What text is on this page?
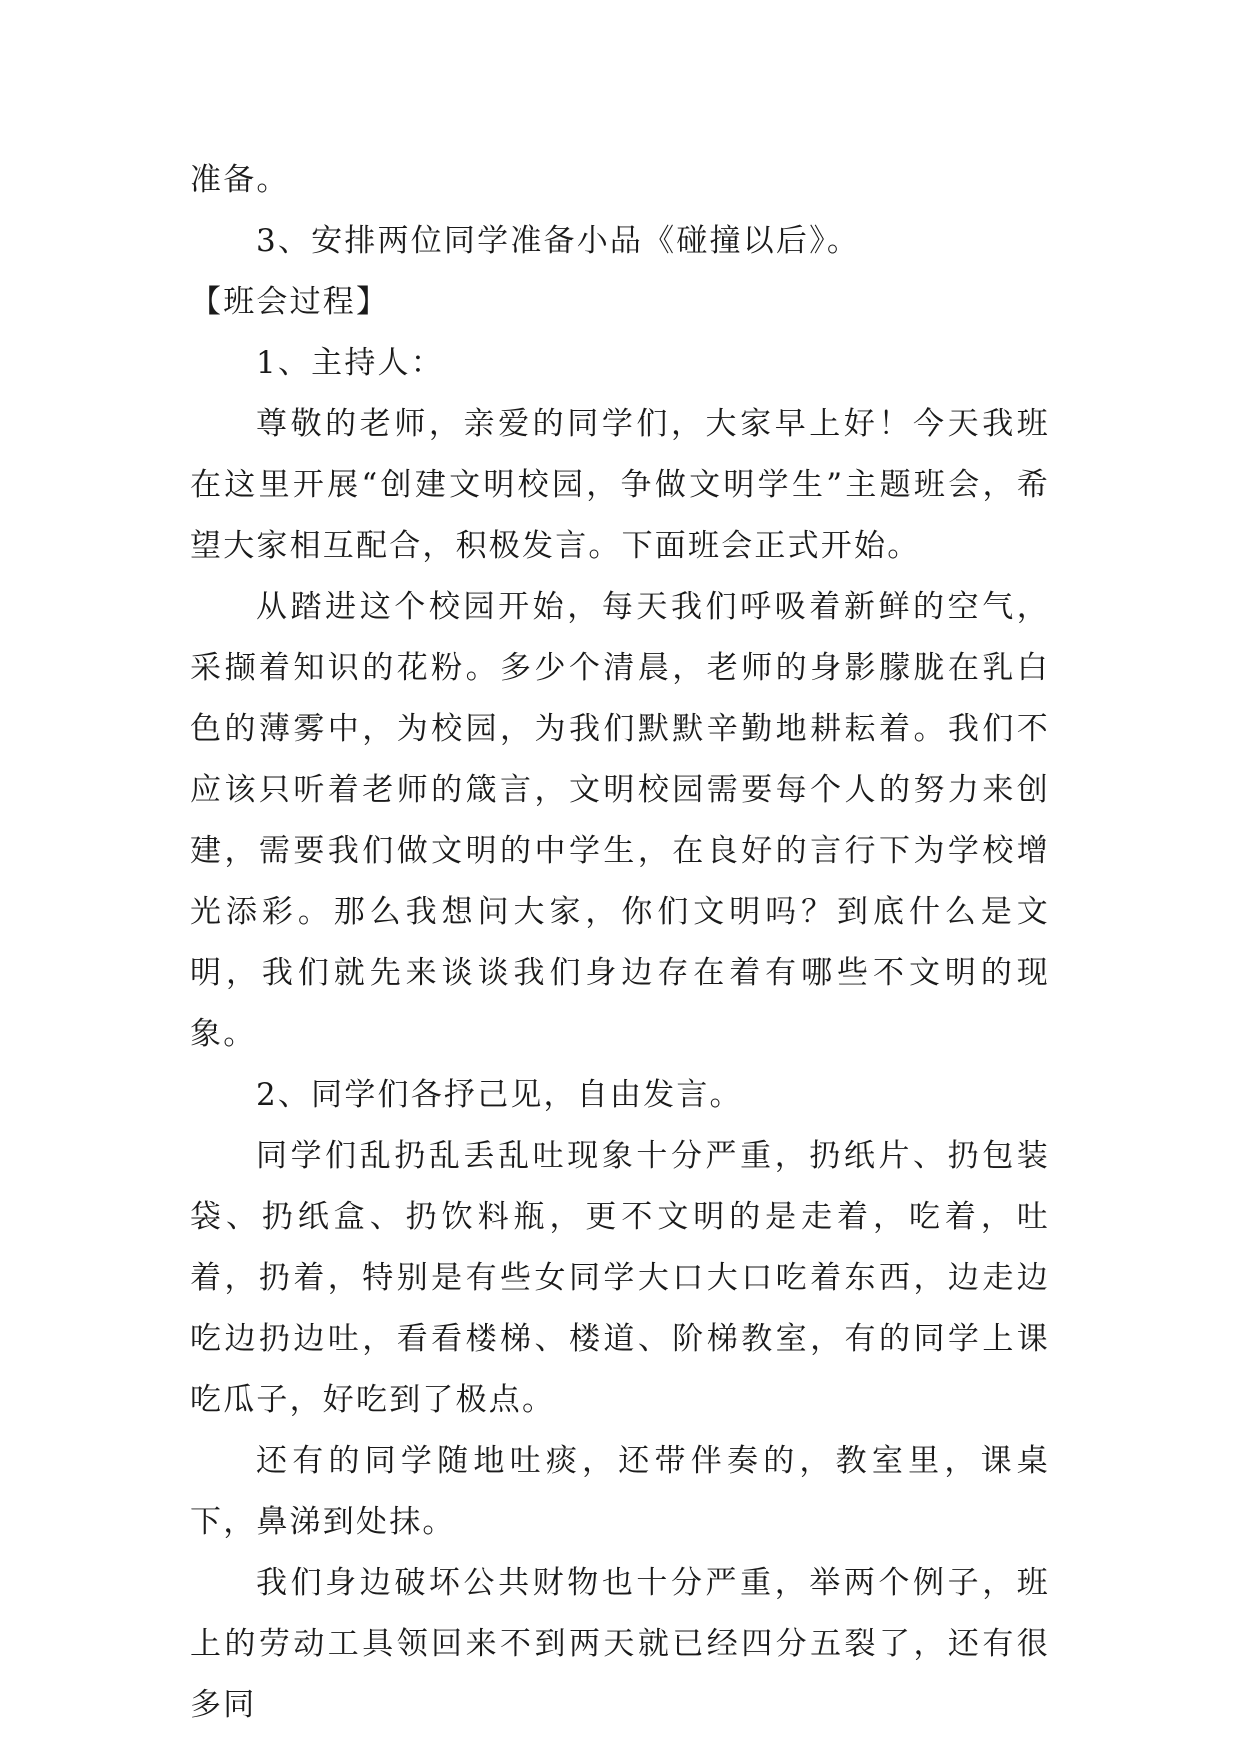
准备。

3、安排两位同学准备小品《碰撞以后》。

【班会过程】

1、主持人：

尊敬的老师，亲爱的同学们，大家早上好！今天我班在这里开展“创建文明校园，争做文明学生”主题班会，希望大家相互配合，积极发言。下面班会正式开始。

从踏进这个校园开始，每天我们呼吸着新鲜的空气，采撷着知识的花粉。多少个清晨，老师的身影朦胧在乳白色的薄雾中，为校园，为我们默默辛勤地耕耘着。我们不应该只听着老师的箴言，文明校园需要每个人的努力来创建，需要我们做文明的中学生，在良好的言行下为学校增光添彩。那么我想问大家，你们文明吗？到底什么是文明，我们就先来谈谈我们身边存在着有哪些不文明的现象。

2、同学们各抒己见，自由发言。

同学们乱扔乱丢乱吐现象十分严重，扔纸片、扔包装袋、扔纸盒、扔饮料瓶，更不文明的是走着，吃着，吐着，扔着，特别是有些女同学大口大口吃着东西，边走边吃边扔边吐，看看楼梯、楼道、阶梯教室，有的同学上课吃瓜子，好吃到了极点。

还有的同学随地吐痰，还带伴奏的，教室里，课桌下，鼻涕到处抹。

我们身边破坏公共财物也十分严重，举两个例子，班上的劳动工具领回来不到两天就已经四分五裂了，还有很多同
